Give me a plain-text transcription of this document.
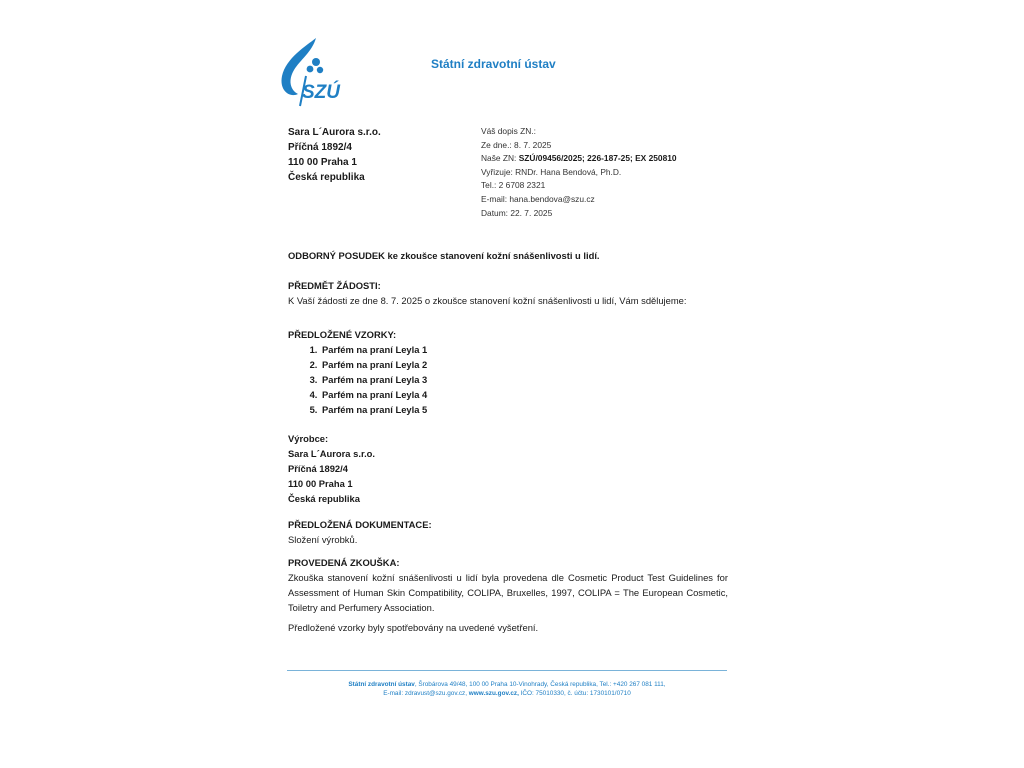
SZÚ
Státní zdravotní ústav
Sara L´Aurora s.r.o.
Příčná 1892/4
110 00 Praha 1
Česká republika
Váš dopis ZN.:
Ze dne.: 8. 7. 2025
Naše ZN: SZÚ/09456/2025; 226-187-25; EX 250810
Vyřizuje: RNDr. Hana Bendová, Ph.D.
Tel.: 2 6708 2321
E-mail: hana.bendova@szu.cz
Datum: 22. 7. 2025
ODBORNÝ POSUDEK ke zkoušce stanovení kožní snášenlivosti u lidí.
PŘEDMĚT ŽÁDOSTI:
K Vaší žádosti ze dne 8. 7. 2025 o zkoušce stanovení kožní snášenlivosti u lidí, Vám sdělujeme:
PŘEDLOŽENÉ VZORKY:
1. Parfém na praní Leyla 1
2. Parfém na praní Leyla 2
3. Parfém na praní Leyla 3
4. Parfém na praní Leyla 4
5. Parfém na praní Leyla 5
Výrobce:
Sara L´Aurora s.r.o.
Příčná 1892/4
110 00 Praha 1
Česká republika
PŘEDLOŽENÁ DOKUMENTACE:
Složení výrobků.
PROVEDENÁ ZKOUŠKA:
Zkouška stanovení kožní snášenlivosti u lidí byla provedena dle Cosmetic Product Test Guidelines for Assessment of Human Skin Compatibility, COLIPA, Bruxelles, 1997, COLIPA = The European Cosmetic, Toiletry and Perfumery Association.
Předložené vzorky byly spotřebovány na uvedené vyšetření.
Státní zdravotní ústav, Šrobárova 49/48, 100 00 Praha 10-Vinohrady, Česká republika, Tel.: +420 267 081 111,
E-mail: zdravust@szu.gov.cz, www.szu.gov.cz, IČO: 75010330, č. účtu: 1730101/0710
